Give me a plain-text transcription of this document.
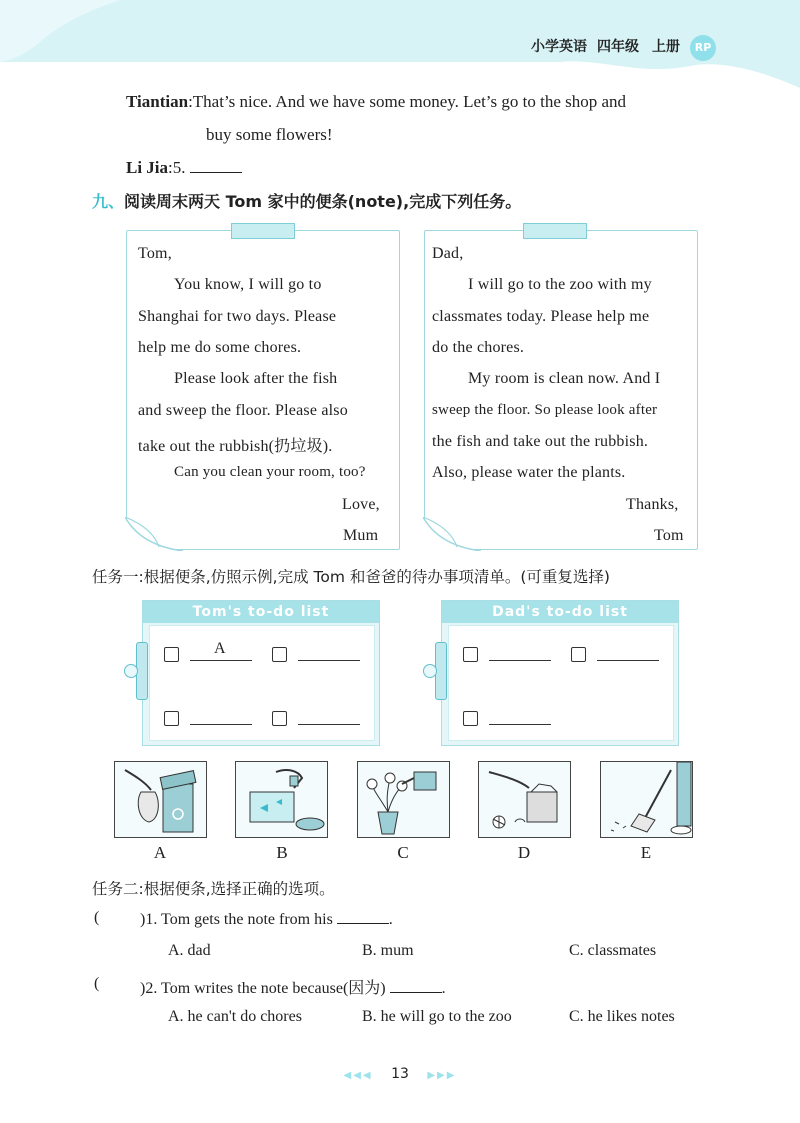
小学英语 四年级 上册	RP
Tiantian:That’s nice. And we have some money. Let’s go to the shop and
buy some flowers!
Li Jia:5.
九、阅读周末两天 Tom 家中的便条(note),完成下列任务。
Tom,
You know, I will go to
Shanghai for two days. Please
help me do some chores.
Please look after the fish
and sweep the floor. Please also
take out the rubbish(扔垃圾).
Can you clean your room, too?
Love,
Mum
Dad,
I will go to the zoo with my
classmates today. Please help me
do the chores.
My room is clean now. And I
sweep the floor. So please look after
the fish and take out the rubbish.
Also, please water the plants.
Thanks,
Tom
任务一:根据便条,仿照示例,完成 Tom 和爸爸的待办事项清单。(可重复选择)
Tom's to-do list
A
Dad's to-do list
A	B	C	D	E
任务二:根据便条,选择正确的选项。
(	)1. Tom gets the note from his	.
A. dad	B. mum	C. classmates
(	)2. Tom writes the note because(因为)	.
A. he can't do chores	B. he will go to the zoo	C. he likes notes
◀◀◀ 13 ▶▶▶
